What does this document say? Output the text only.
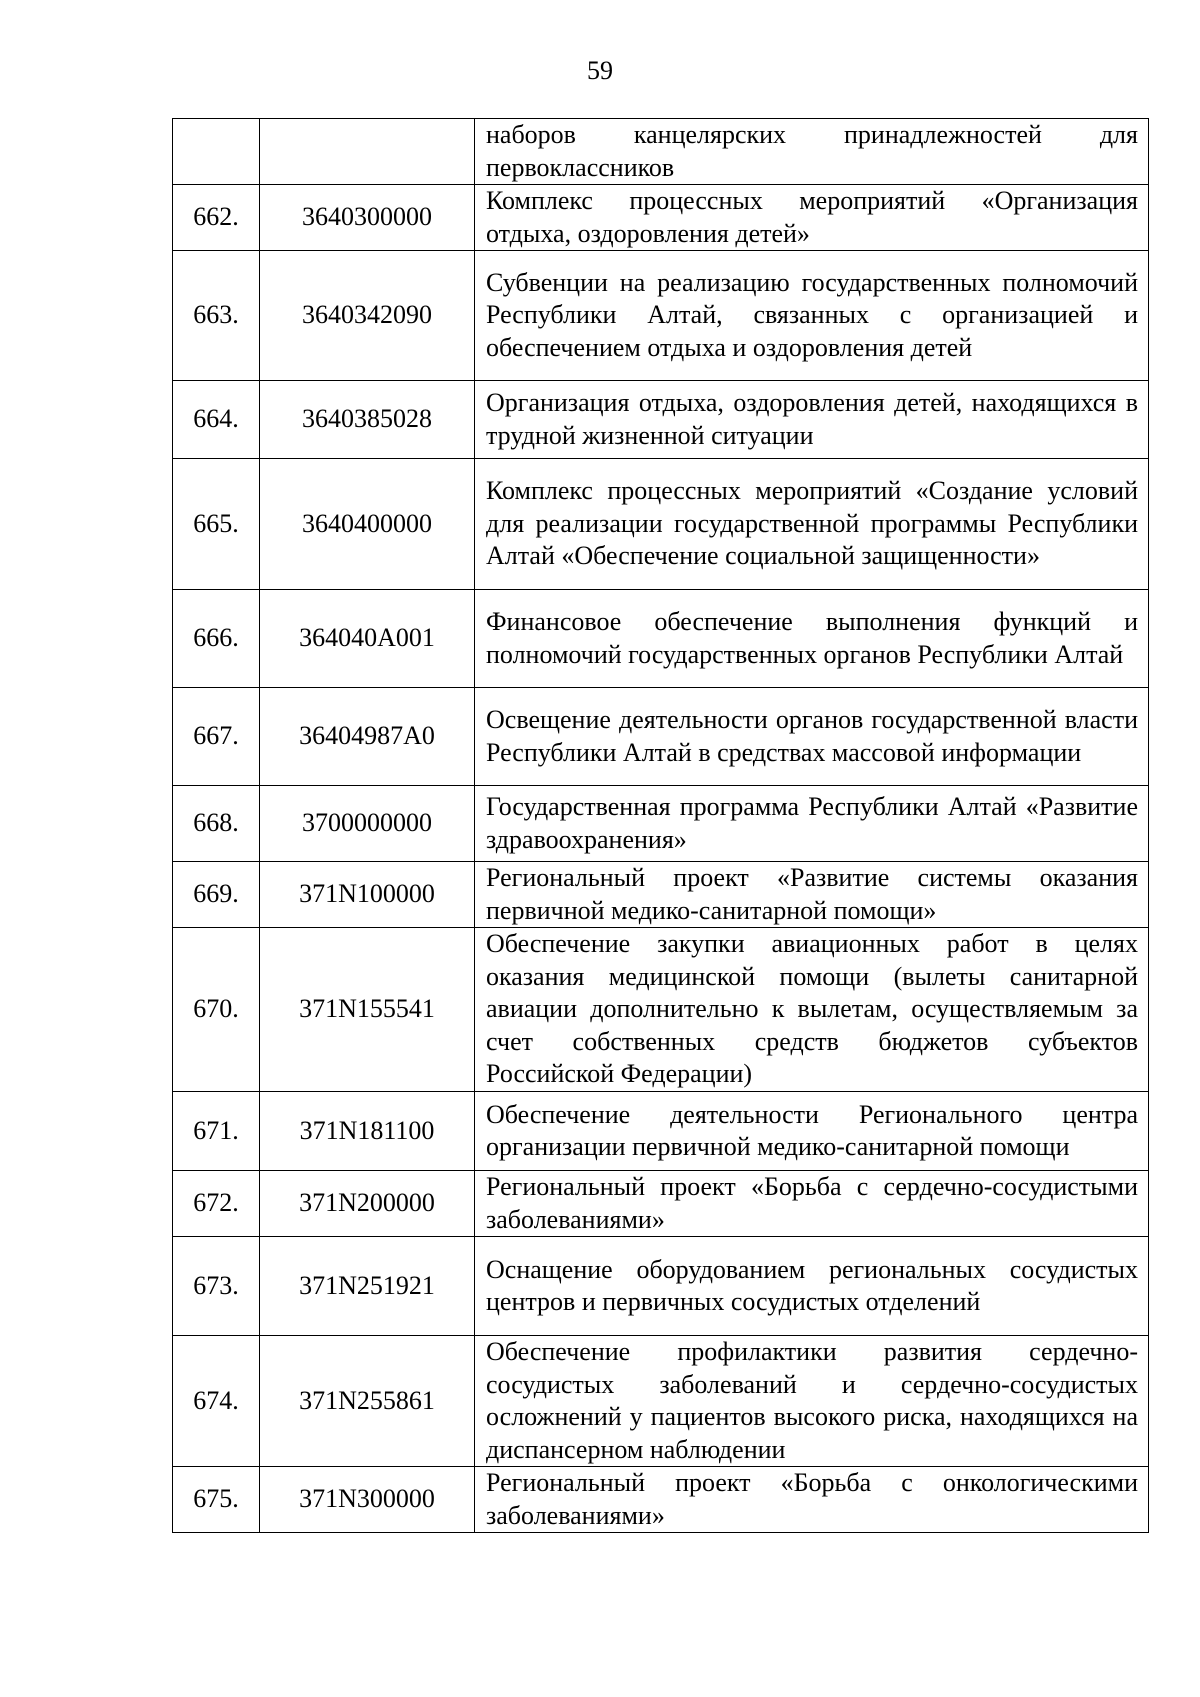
59
		наборов канцелярских принадлежностей для первоклассников
662.	3640300000	Комплекс процессных мероприятий «Организация отдыха, оздоровления детей»
663.	3640342090	Субвенции на реализацию государственных полномочий Республики Алтай, связанных с организацией и обеспечением отдыха и оздоровления детей
664.	3640385028	Организация отдыха, оздоровления детей, находящихся в трудной жизненной ситуации
665.	3640400000	Комплекс процессных мероприятий «Создание условий для реализации государственной программы Республики Алтай «Обеспечение социальной защищенности»
666.	364040А001	Финансовое обеспечение выполнения функций и полномочий государственных органов Республики Алтай
667.	36404987А0	Освещение деятельности органов государственной власти Республики Алтай в средствах массовой информации
668.	3700000000	Государственная программа Республики Алтай «Развитие здравоохранения»
669.	371N100000	Региональный проект «Развитие системы оказания первичной медико-санитарной помощи»
670.	371N155541	Обеспечение закупки авиационных работ в целях оказания медицинской помощи (вылеты санитарной авиации дополнительно к вылетам, осуществляемым за счет собственных средств бюджетов субъектов Российской Федерации)
671.	371N181100	Обеспечение деятельности Регионального центра организации первичной медико-санитарной помощи
672.	371N200000	Региональный проект «Борьба с сердечно-сосудистыми заболеваниями»
673.	371N251921	Оснащение оборудованием региональных сосудистых центров и первичных сосудистых отделений
674.	371N255861	Обеспечение профилактики развития сердечно-сосудистых заболеваний и сердечно-сосудистых осложнений у пациентов высокого риска, находящихся на диспансерном наблюдении
675.	371N300000	Региональный проект «Борьба с онкологическими заболеваниями»
